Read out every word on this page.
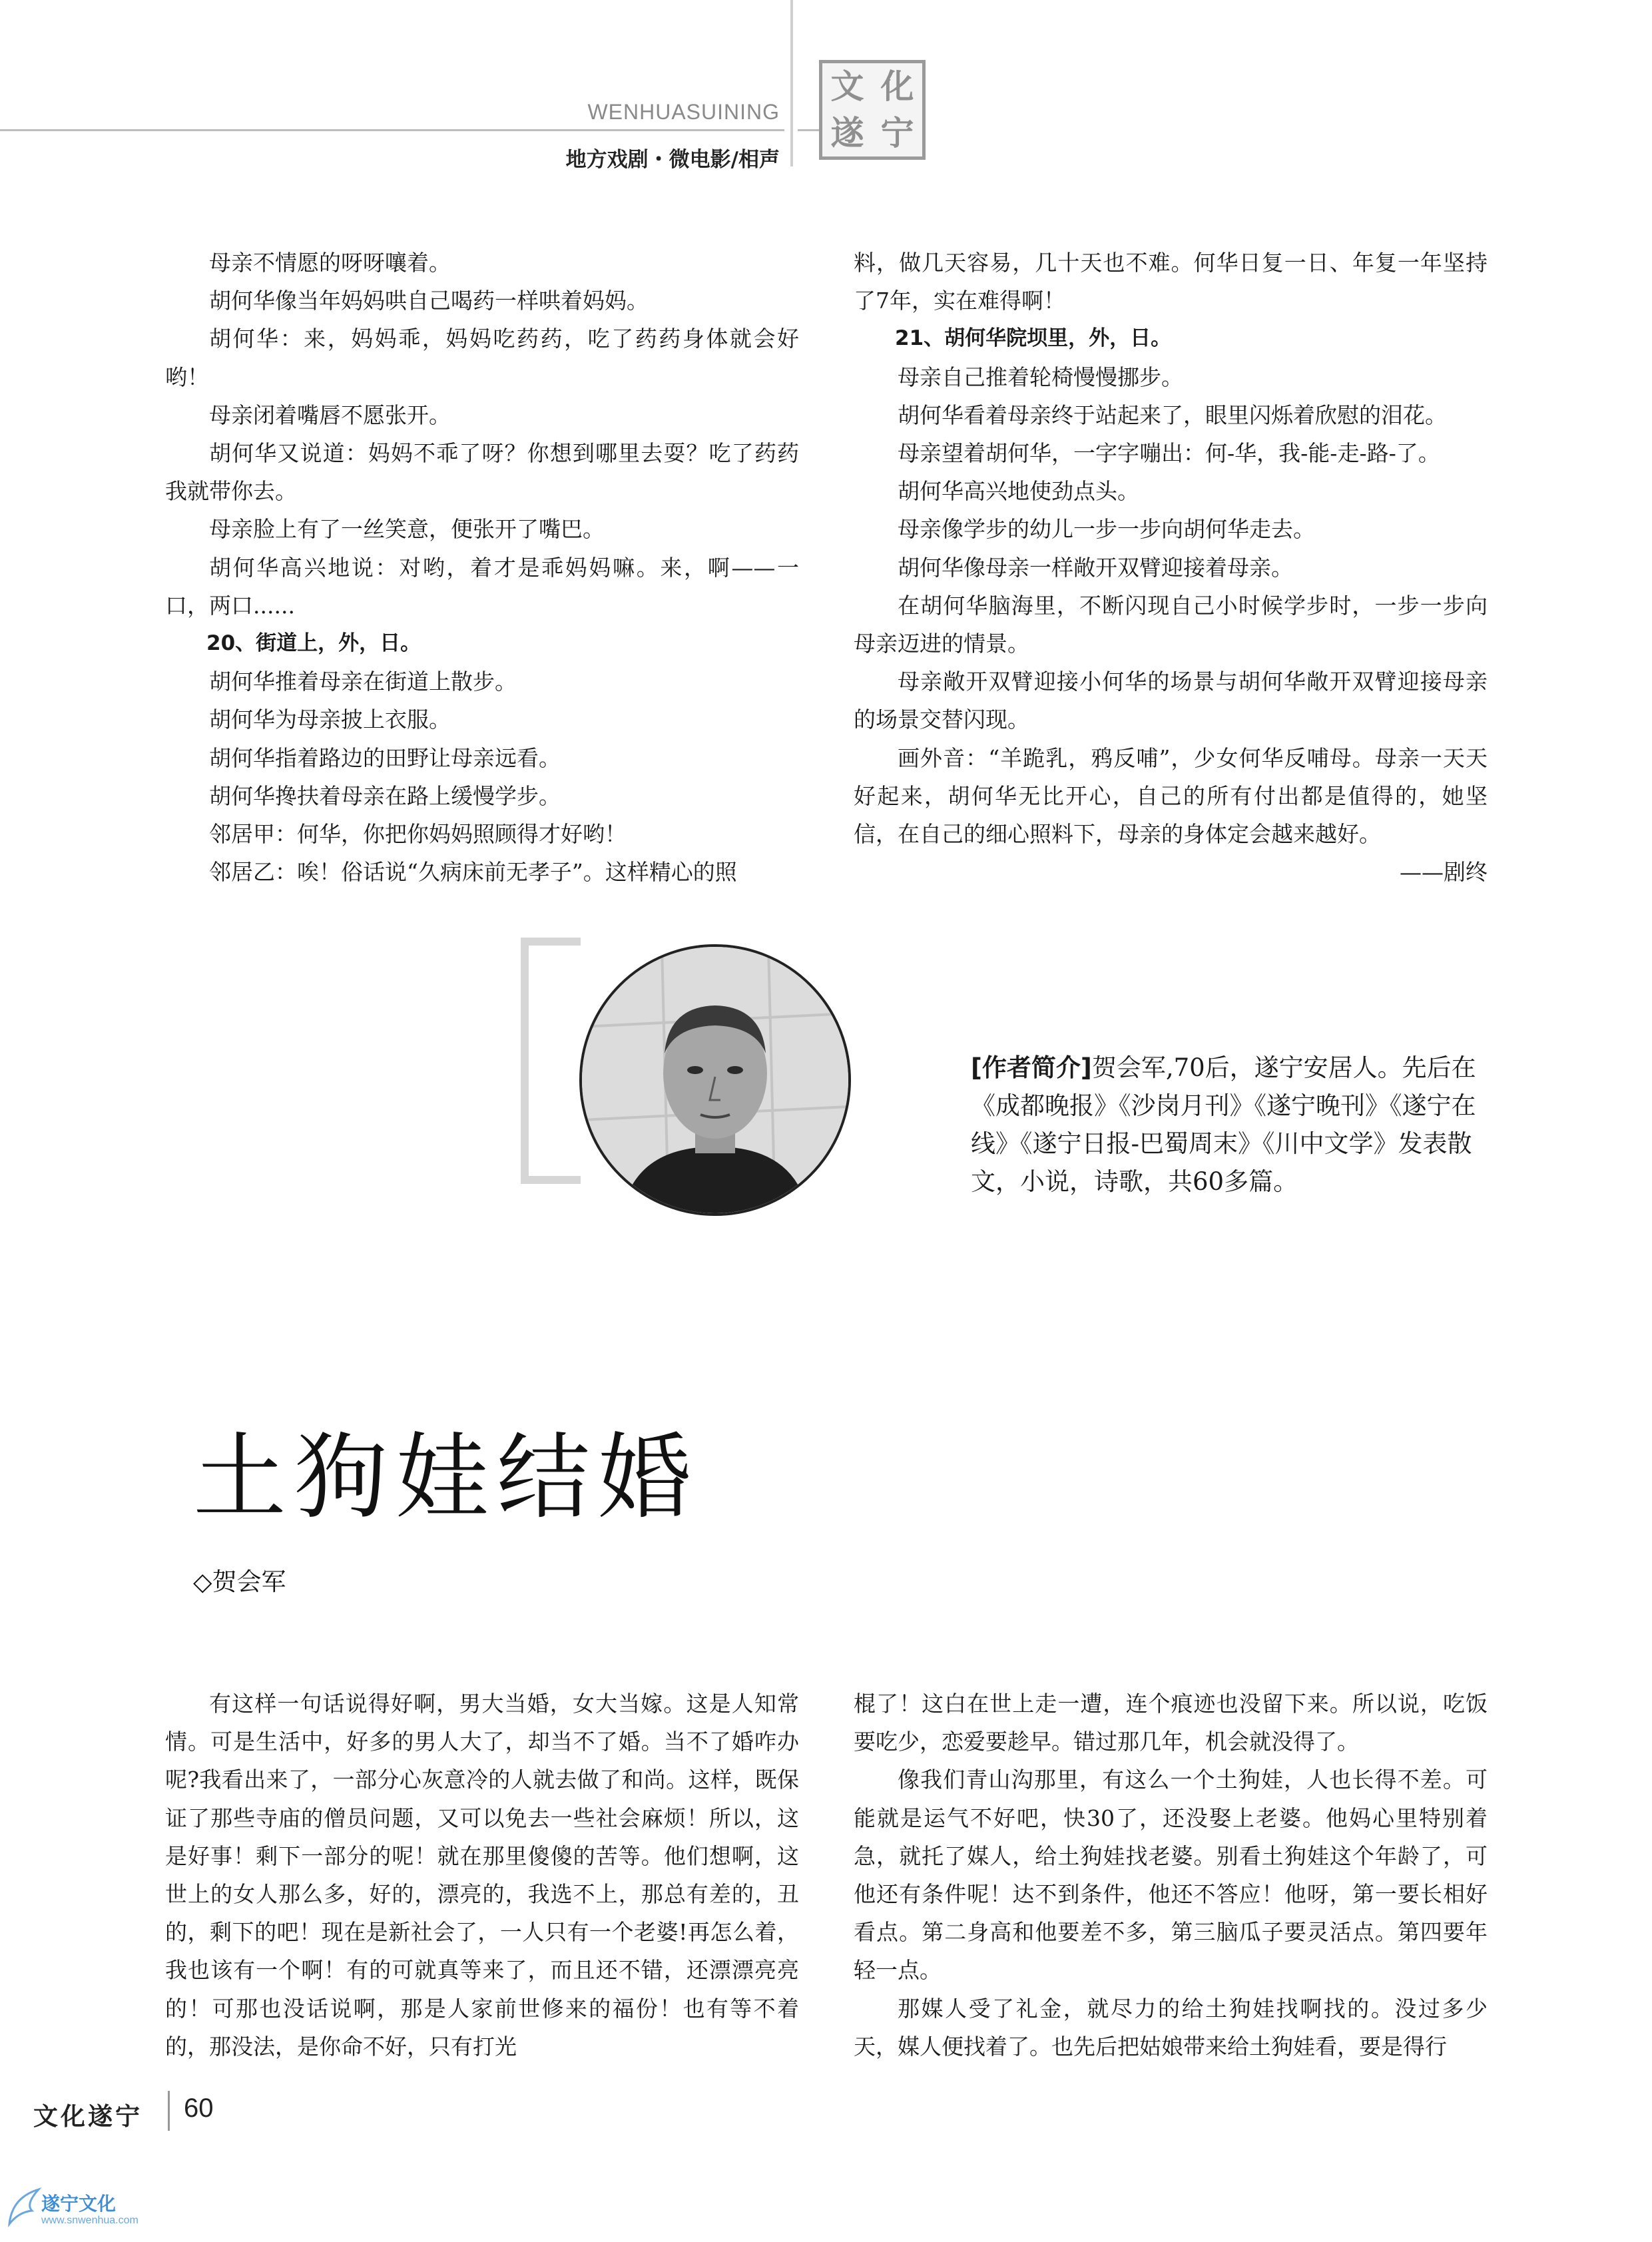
WENHUASUINING
地方戏剧・微电影/相声
文 化
遂 宁

母亲不情愿的呀呀嚷着。

胡何华像当年妈妈哄自己喝药一样哄着妈妈。

胡何华：来，妈妈乖，妈妈吃药药，吃了药药身体就会好哟！

母亲闭着嘴唇不愿张开。

胡何华又说道：妈妈不乖了呀？你想到哪里去耍？吃了药药我就带你去。

母亲脸上有了一丝笑意，便张开了嘴巴。

胡何华高兴地说：对哟，着才是乖妈妈嘛。来，啊——一口，两口......

20、街道上，外，日。

胡何华推着母亲在街道上散步。

胡何华为母亲披上衣服。

胡何华指着路边的田野让母亲远看。

胡何华搀扶着母亲在路上缓慢学步。

邻居甲：何华，你把你妈妈照顾得才好哟！

邻居乙：唉！俗话说“久病床前无孝子”。这样精心的照

料，做几天容易，几十天也不难。何华日复一日、年复一年坚持了7年，实在难得啊！

21、胡何华院坝里，外，日。

母亲自己推着轮椅慢慢挪步。

胡何华看着母亲终于站起来了，眼里闪烁着欣慰的泪花。

母亲望着胡何华，一字字嘣出：何-华，我-能-走-路-了。

胡何华高兴地使劲点头。

母亲像学步的幼儿一步一步向胡何华走去。

胡何华像母亲一样敞开双臂迎接着母亲。

在胡何华脑海里，不断闪现自己小时候学步时，一步一步向母亲迈进的情景。

母亲敞开双臂迎接小何华的场景与胡何华敞开双臂迎接母亲的场景交替闪现。

画外音：“羊跪乳，鸦反哺”，少女何华反哺母。母亲一天天好起来，胡何华无比开心，自己的所有付出都是值得的，她坚信，在自己的细心照料下，母亲的身体定会越来越好。

——剧终

[作者简介]贺会军,70后，遂宁安居人。先后在《成都晚报》《沙岗月刊》《遂宁晚刊》《遂宁在线》《遂宁日报-巴蜀周末》《川中文学》发表散文，小说，诗歌，共60多篇。
土狗娃结婚
◇贺会军

有这样一句话说得好啊，男大当婚，女大当嫁。这是人知常情。可是生活中，好多的男人大了，却当不了婚。当不了婚咋办呢?我看出来了，一部分心灰意冷的人就去做了和尚。这样，既保证了那些寺庙的僧员问题，又可以免去一些社会麻烦！所以，这是好事！剩下一部分的呢！就在那里傻傻的苦等。他们想啊，这世上的女人那么多，好的，漂亮的，我选不上，那总有差的，丑的，剩下的吧！现在是新社会了，一人只有一个老婆!再怎么着，我也该有一个啊！有的可就真等来了，而且还不错，还漂漂亮亮的！可那也没话说啊，那是人家前世修来的福份！也有等不着的，那没法，是你命不好，只有打光

棍了！这白在世上走一遭，连个痕迹也没留下来。所以说，吃饭要吃少，恋爱要趁早。错过那几年，机会就没得了。

像我们青山沟那里，有这么一个土狗娃，人也长得不差。可能就是运气不好吧，快30了，还没娶上老婆。他妈心里特别着急，就托了媒人，给土狗娃找老婆。别看土狗娃这个年龄了，可他还有条件呢！达不到条件，他还不答应！他呀，第一要长相好看点。第二身高和他要差不多，第三脑瓜子要灵活点。第四要年轻一点。

那媒人受了礼金，就尽力的给土狗娃找啊找的。没过多少天，媒人便找着了。也先后把姑娘带来给土狗娃看，要是得行

文化遂宁 60
遂宁文化
www.snwenhua.com
